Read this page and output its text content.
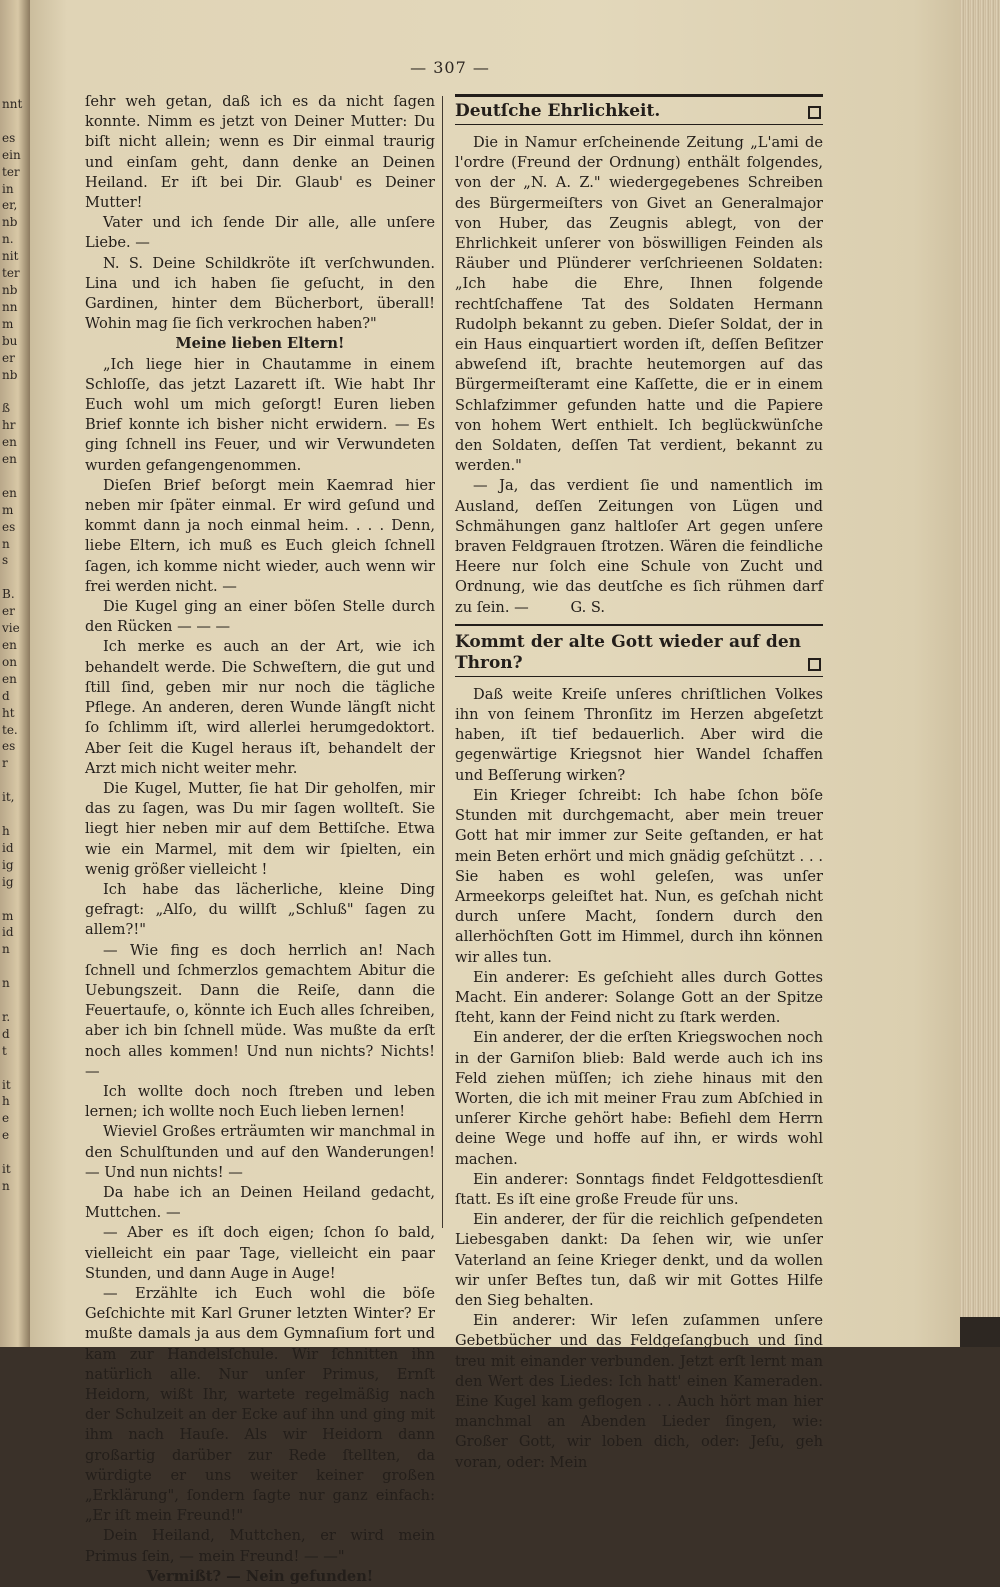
nnt

es
ein
ter
in
er,
nb
n.
nit
ter
nb
nn
m
bu
er
nb

ß
hr
en
en

en
m
es
n
s

B.
er
vie
en
on
en
d
ht
te.
es
r

it,

h
id
ig
ig

m
id
n

n

r.
d
t

it
h
e
e

it
n
— 307 —

ſehr weh getan, daß ich es da nicht ſagen konnte. Nimm es jetzt von Deiner Mutter: Du biſt nicht allein; wenn es Dir einmal traurig und einſam geht, dann denke an Deinen Heiland. Er iſt bei Dir. Glaub' es Deiner Mutter!

Vater und ich ſende Dir alle, alle unſere Liebe. —

N. S. Deine Schildkröte iſt verſchwunden. Lina und ich haben ſie geſucht, in den Gardinen, hinter dem Bücherbort, überall! Wohin mag ſie ſich verkrochen haben?"

Meine lieben Eltern!

„Ich liege hier in Chautamme in einem Schloſſe, das jetzt Lazarett iſt. Wie habt Ihr Euch wohl um mich geſorgt! Euren lieben Brief konnte ich bisher nicht erwidern. — Es ging ſchnell ins Feuer, und wir Verwundeten wurden gefangengenommen.

Dieſen Brief beſorgt mein Kaemrad hier neben mir ſpäter einmal. Er wird geſund und kommt dann ja noch einmal heim. . . . Denn, liebe Eltern, ich muß es Euch gleich ſchnell ſagen, ich komme nicht wieder, auch wenn wir frei werden nicht. —

Die Kugel ging an einer böſen Stelle durch den Rücken — — —

Ich merke es auch an der Art, wie ich behandelt werde. Die Schweſtern, die gut und ſtill ſind, geben mir nur noch die tägliche Pflege. An anderen, deren Wunde längſt nicht ſo ſchlimm iſt, wird allerlei herumgedoktort. Aber ſeit die Kugel heraus iſt, behandelt der Arzt mich nicht weiter mehr.

Die Kugel, Mutter, ſie hat Dir geholfen, mir das zu ſagen, was Du mir ſagen wollteſt. Sie liegt hier neben mir auf dem Bettiſche. Etwa wie ein Marmel, mit dem wir ſpielten, ein wenig größer vielleicht !

Ich habe das lächerliche, kleine Ding gefragt: „Alſo, du willſt „Schluß" ſagen zu allem?!"

— Wie fing es doch herrlich an! Nach ſchnell und ſchmerzlos gemachtem Abitur die Uebungszeit. Dann die Reiſe, dann die Feuertaufe, o, könnte ich Euch alles ſchreiben, aber ich bin ſchnell müde. Was mußte da erſt noch alles kommen! Und nun nichts? Nichts! —

Ich wollte doch noch ſtreben und leben lernen; ich wollte noch Euch lieben lernen!

Wieviel Großes erträumten wir manchmal in den Schulſtunden und auf den Wanderungen! — Und nun nichts! —

Da habe ich an Deinen Heiland gedacht, Muttchen. —

— Aber es iſt doch eigen; ſchon ſo bald, vielleicht ein paar Tage, vielleicht ein paar Stunden, und dann Auge in Auge!

— Erzählte ich Euch wohl die böſe Geſchichte mit Karl Gruner letzten Winter? Er mußte damals ja aus dem Gymnaſium fort und kam zur Handelsſchule. Wir ſchnitten ihn natürlich alle. Nur unſer Primus, Ernſt Heidorn, wißt Ihr, wartete regelmäßig nach der Schulzeit an der Ecke auf ihn und ging mit ihm nach Hauſe. Als wir Heidorn dann großartig darüber zur Rede ſtellten, da würdigte er uns weiter keiner großen „Erklärung", ſondern ſagte nur ganz einfach: „Er iſt mein Freund!"

Dein Heiland, Muttchen, er wird mein Primus ſein, — mein Freund! — —"

Vermißt? — Nein gefunden!

Deutſche Ehrlichkeit.

Die in Namur erſcheinende Zeitung „L'ami de l'ordre (Freund der Ordnung) enthält folgendes, von der „N. A. Z." wiedergegebenes Schreiben des Bürgermeiſters von Givet an Generalmajor von Huber, das Zeugnis ablegt, von der Ehrlichkeit unſerer von böswilligen Feinden als Räuber und Plünderer verſchrieenen Soldaten: „Ich habe die Ehre, Ihnen folgende rechtſchaffene Tat des Soldaten Hermann Rudolph bekannt zu geben. Dieſer Soldat, der in ein Haus einquartiert worden iſt, deſſen Beſitzer abweſend iſt, brachte heutemorgen auf das Bürgermeiſteramt eine Kaſſette, die er in einem Schlafzimmer gefunden hatte und die Papiere von hohem Wert enthielt. Ich beglückwünſche den Soldaten, deſſen Tat verdient, bekannt zu werden."

— Ja, das verdient ſie und namentlich im Ausland, deſſen Zeitungen von Lügen und Schmähungen ganz haltloſer Art gegen unſere braven Feldgrauen ſtrotzen. Wären die feindliche Heere nur ſolch eine Schule von Zucht und Ordnung, wie das deutſche es ſich rühmen darf zu ſein. —         G. S.

Kommt der alte Gott wieder auf den Thron?

Daß weite Kreiſe unſeres chriſtlichen Volkes ihn von ſeinem Thronſitz im Herzen abgeſetzt haben, iſt tief bedauerlich. Aber wird die gegenwärtige Kriegsnot hier Wandel ſchaffen und Beſſerung wirken?

Ein Krieger ſchreibt: Ich habe ſchon böſe Stunden mit durchgemacht, aber mein treuer Gott hat mir immer zur Seite geſtanden, er hat mein Beten erhört und mich gnädig geſchützt . . . Sie haben es wohl geleſen, was unſer Armeekorps geleiſtet hat. Nun, es geſchah nicht durch unſere Macht, ſondern durch den allerhöchſten Gott im Himmel, durch ihn können wir alles tun.

Ein anderer: Es geſchieht alles durch Gottes Macht. Ein anderer: Solange Gott an der Spitze ſteht, kann der Feind nicht zu ſtark werden.

Ein anderer, der die erſten Kriegswochen noch in der Garniſon blieb: Bald werde auch ich ins Feld ziehen müſſen; ich ziehe hinaus mit den Worten, die ich mit meiner Frau zum Abſchied in unſerer Kirche gehört habe: Befiehl dem Herrn deine Wege und hoffe auf ihn, er wirds wohl machen.

Ein anderer: Sonntags findet Feldgottesdienſt ſtatt. Es iſt eine große Freude für uns.

Ein anderer, der für die reichlich geſpendeten Liebesgaben dankt: Da ſehen wir, wie unſer Vaterland an ſeine Krieger denkt, und da wollen wir unſer Beſtes tun, daß wir mit Gottes Hilfe den Sieg behalten.

Ein anderer: Wir leſen zuſammen unſere Gebetbücher und das Feldgeſangbuch und ſind treu mit einander verbunden. Jetzt erſt lernt man den Wert des Liedes: Ich hatt' einen Kameraden. Eine Kugel kam geflogen . . . Auch hört man hier manchmal an Abenden Lieder ſingen, wie: Großer Gott, wir loben dich, oder: Jeſu, geh voran, oder: Mein
